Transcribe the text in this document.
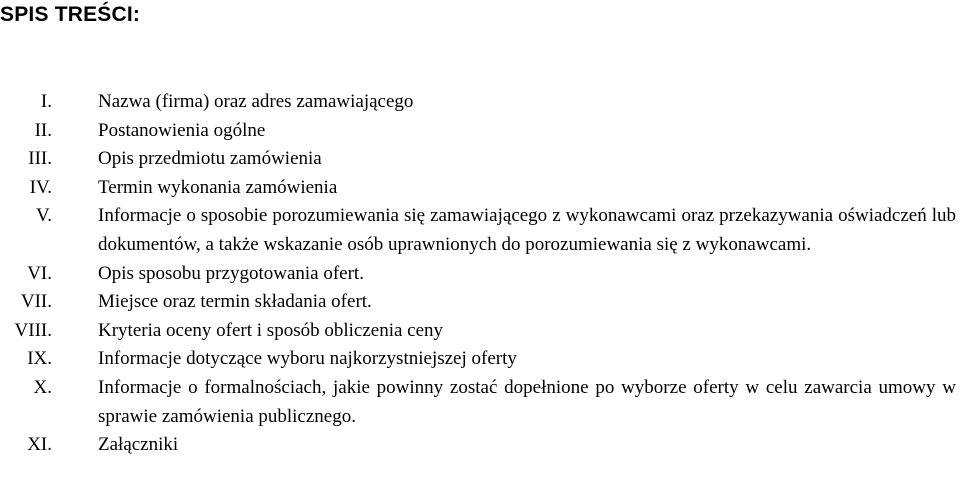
SPIS TREŚCI:
I. Nazwa (firma) oraz adres zamawiającego
II. Postanowienia ogólne
III. Opis przedmiotu zamówienia
IV. Termin wykonania zamówienia
V. Informacje o sposobie porozumiewania się zamawiającego z wykonawcami oraz przekazywania oświadczeń lub dokumentów, a także wskazanie osób uprawnionych do porozumiewania się z wykonawcami.
VI. Opis sposobu przygotowania ofert.
VII. Miejsce oraz termin składania ofert.
VIII. Kryteria oceny ofert i sposób obliczenia ceny
IX. Informacje dotyczące wyboru najkorzystniejszej oferty
X. Informacje o formalnościach, jakie powinny zostać dopełnione po wyborze oferty w celu zawarcia umowy w sprawie zamówienia publicznego.
XI. Załączniki
